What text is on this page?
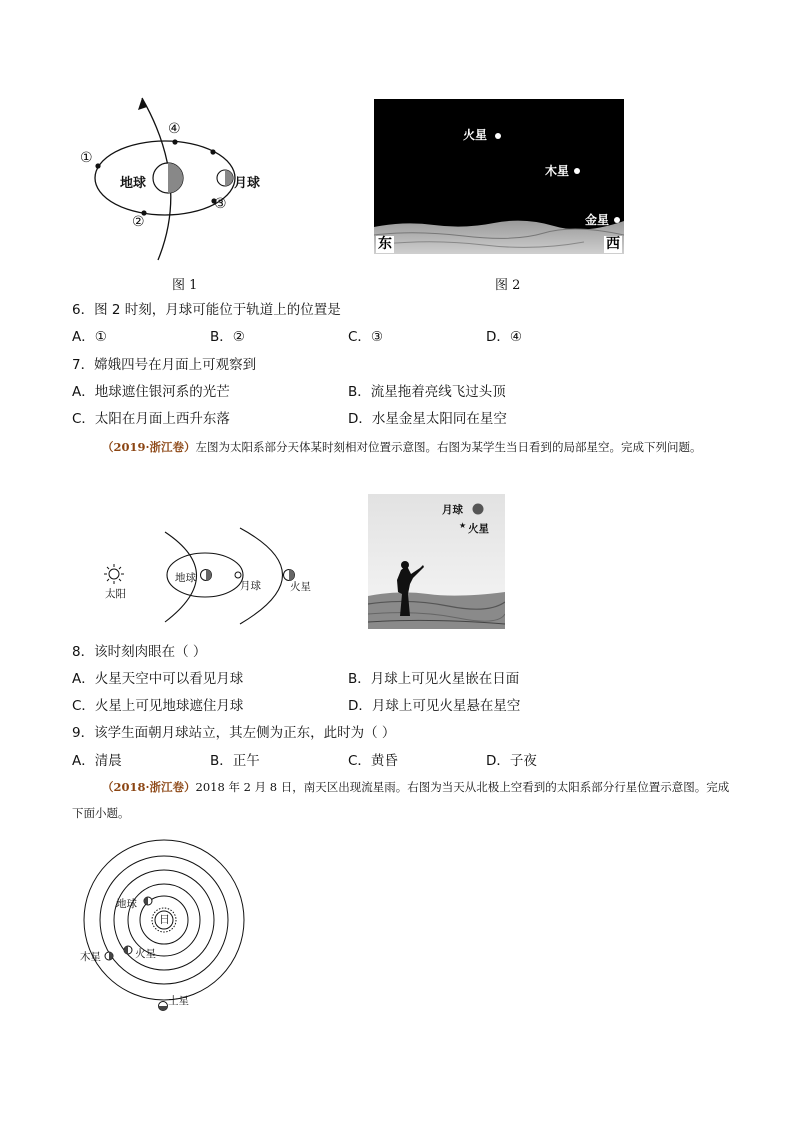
④
①
②
③
地球	月球
图 1
火星
木星
金星
东	西
图 2
6．图 2 时刻，月球可能位于轨道上的位置是
A．①	B．②	C．③	D．④
7．嫦娥四号在月面上可观察到
A．地球遮住银河系的光芒	B．流星拖着亮线飞过头顶
C．太阳在月面上西升东落	D．水星金星太阳同在星空
（2019·浙江卷）左图为太阳系部分天体某时刻相对位置示意图。右图为某学生当日看到的局部星空。完成下列问题。
太阳
地球
月球	火星
★
月球
火星
8．该时刻肉眼在（ ）
A．火星天空中可以看见月球	B．月球上可见火星嵌在日面
C．火星上可见地球遮住月球	D．月球上可见火星悬在星空
9．该学生面朝月球站立，其左侧为正东，此时为（ ）
A．清晨	B．正午	C．黄昏	D．子夜
（2018·浙江卷）2018 年 2 月 8 日，南天区出现流星雨。右图为当天从北极上空看到的太阳系部分行星位置示意图。完成下面小题。
日
地球
火星
木星
土星
